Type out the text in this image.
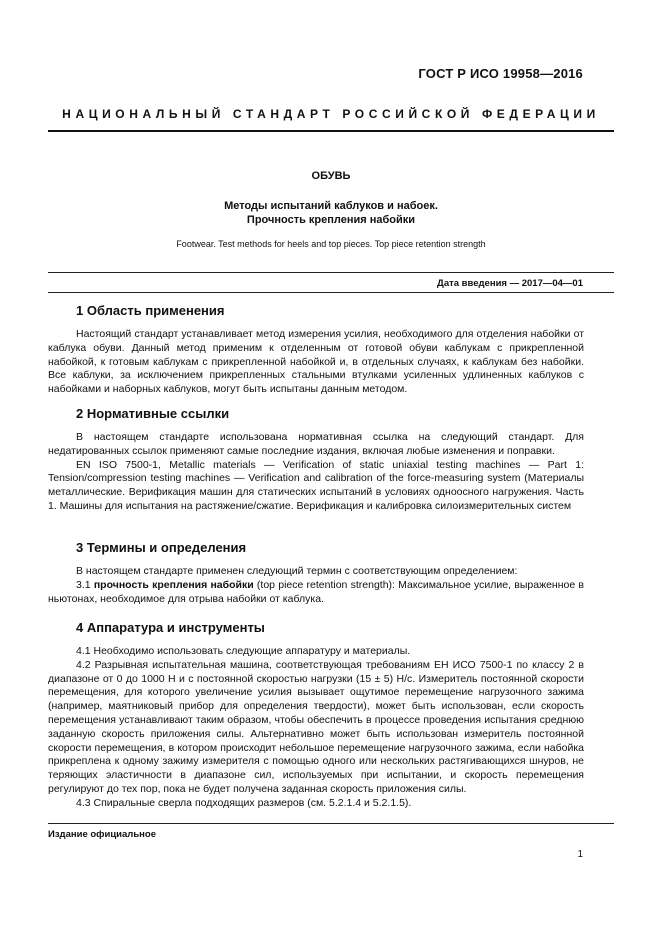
ГОСТ Р ИСО 19958—2016
НАЦИОНАЛЬНЫЙ СТАНДАРТ РОССИЙСКОЙ ФЕДЕРАЦИИ
ОБУВЬ
Методы испытаний каблуков и набоек.
Прочность крепления набойки
Footwear. Test methods for heels and top pieces. Top piece retention strength
Дата введения — 2017—04—01
1 Область применения

Настоящий стандарт устанавливает метод измерения усилия, необходимого для отделения набойки от каблука обуви. Данный метод применим к отделенным от готовой обуви каблукам с прикрепленной набойкой, к готовым каблукам с прикрепленной набойкой и, в отдельных случаях, к каблукам без набойки. Все каблуки, за исключением прикрепленных стальными втулками усиленных удлиненных каблуков с набойками и наборных каблуков, могут быть испытаны данным методом.

2 Нормативные ссылки

В настоящем стандарте использована нормативная ссылка на следующий стандарт. Для недатированных ссылок применяют самые последние издания, включая любые изменения и поправки.

EN ISO 7500-1, Metallic materials — Verification of static uniaxial testing machines — Part 1: Tension/compression testing machines — Verification and calibration of the force-measuring system (Материалы металлические. Верификация машин для статических испытаний в условиях одноосного нагружения. Часть 1. Машины для испытания на растяжение/сжатие. Верификация и калибровка силоизмерительных систем

3 Термины и определения

В настоящем стандарте применен следующий термин с соответствующим определением:

3.1 прочность крепления набойки (top piece retention strength): Максимальное усилие, выраженное в ньютонах, необходимое для отрыва набойки от каблука.

4 Аппаратура и инструменты

4.1 Необходимо использовать следующие аппаратуру и материалы.

4.2 Разрывная испытательная машина, соответствующая требованиям ЕН ИСО 7500-1 по классу 2 в диапазоне от 0 до 1000 Н и с постоянной скоростью нагрузки (15 ± 5) Н/с. Измеритель постоянной скорости перемещения, для которого увеличение усилия вызывает ощутимое перемещение нагрузочного зажима (например, маятниковый прибор для определения твердости), может быть использован, если скорость перемещения устанавливают таким образом, чтобы обеспечить в процессе проведения испытания среднюю заданную скорость приложения силы. Альтернативно может быть использован измеритель постоянной скорости перемещения, в котором происходит небольшое перемещение нагрузочного зажима, если набойка прикреплена к одному зажиму измерителя с помощью одного или нескольких растягивающихся шнуров, не теряющих эластичности в диапазоне сил, используемых при испытании, и скорость перемещения регулируют до тех пор, пока не будет получена заданная скорость приложения силы.

4.3 Спиральные сверла подходящих размеров (см. 5.2.1.4 и 5.2.1.5).

Издание официальное
1
